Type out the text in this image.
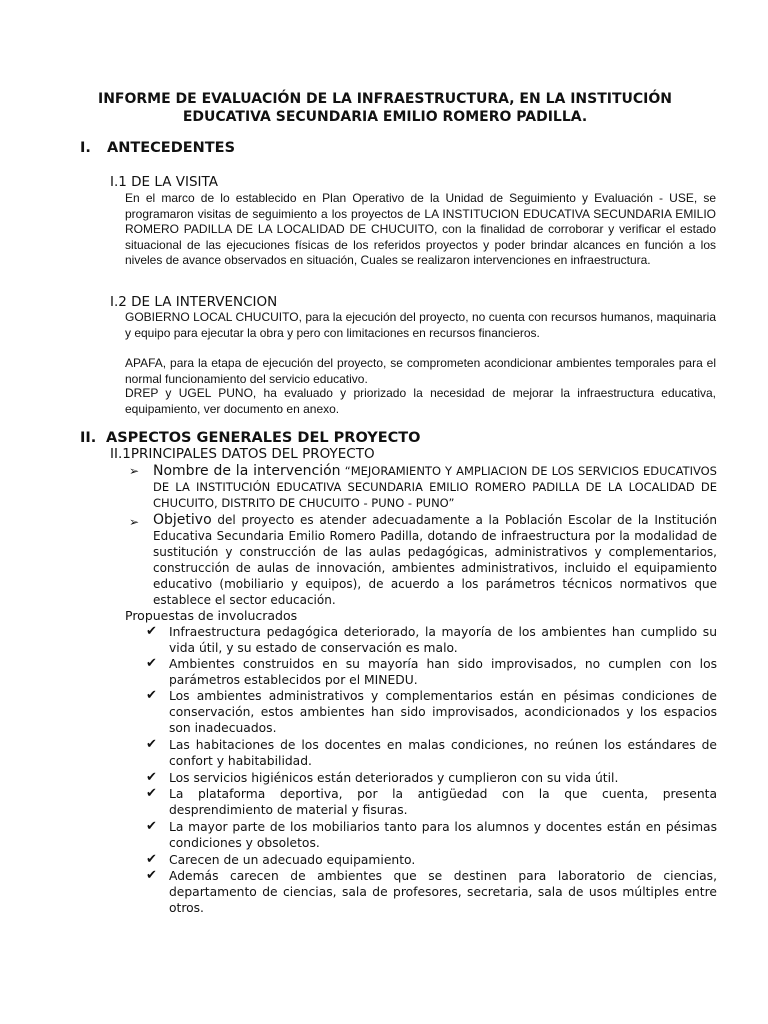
INFORME DE EVALUACIÓN DE LA INFRAESTRUCTURA, EN LA INSTITUCIÓN EDUCATIVA SECUNDARIA EMILIO ROMERO PADILLA.
I. ANTECEDENTES
I.1 DE LA VISITA
En el marco de lo establecido en Plan Operativo de la Unidad de Seguimiento y Evaluación - USE, se programaron visitas de seguimiento a los proyectos de LA INSTITUCION EDUCATIVA SECUNDARIA EMILIO ROMERO PADILLA DE LA LOCALIDAD DE CHUCUITO, con la finalidad de corroborar y verificar el estado situacional de las ejecuciones físicas de los referidos proyectos y poder brindar alcances en función a los niveles de avance observados en situación, Cuales se realizaron intervenciones en infraestructura.
I.2 DE LA INTERVENCION
GOBIERNO LOCAL CHUCUITO, para la ejecución del proyecto, no cuenta con recursos humanos, maquinaria y equipo para ejecutar la obra y pero con limitaciones en recursos financieros.
APAFA, para la etapa de ejecución del proyecto, se comprometen acondicionar ambientes temporales para el normal funcionamiento del servicio educativo.
DREP y UGEL PUNO, ha evaluado y priorizado la necesidad de mejorar la infraestructura educativa, equipamiento, ver documento en anexo.
II. ASPECTOS GENERALES DEL PROYECTO
II.1PRINCIPALES DATOS DEL PROYECTO
➢ Nombre de la intervención “MEJORAMIENTO Y AMPLIACION DE LOS SERVICIOS EDUCATIVOS DE LA INSTITUCIÓN EDUCATIVA SECUNDARIA EMILIO ROMERO PADILLA DE LA LOCALIDAD DE CHUCUITO, DISTRITO DE CHUCUITO - PUNO - PUNO”
➢ Objetivo del proyecto es atender adecuadamente a la Población Escolar de la Institución Educativa Secundaria Emilio Romero Padilla, dotando de infraestructura por la modalidad de sustitución y construcción de las aulas pedagógicas, administrativos y complementarios, construcción de aulas de innovación, ambientes administrativos, incluido el equipamiento educativo (mobiliario y equipos), de acuerdo a los parámetros técnicos normativos que establece el sector educación.
Propuestas de involucrados
✔ Infraestructura pedagógica deteriorado, la mayoría de los ambientes han cumplido su vida útil, y su estado de conservación es malo.
✔ Ambientes construidos en su mayoría han sido improvisados, no cumplen con los parámetros establecidos por el MINEDU.
✔ Los ambientes administrativos y complementarios están en pésimas condiciones de conservación, estos ambientes han sido improvisados, acondicionados y los espacios son inadecuados.
✔ Las habitaciones de los docentes en malas condiciones, no reúnen los estándares de confort y habitabilidad.
✔ Los servicios higiénicos están deteriorados y cumplieron con su vida útil.
✔ La plataforma deportiva, por la antigüedad con la que cuenta, presenta desprendimiento de material y fisuras.
✔ La mayor parte de los mobiliarios tanto para los alumnos y docentes están en pésimas condiciones y obsoletos.
✔ Carecen de un adecuado equipamiento.
✔ Además carecen de ambientes que se destinen para laboratorio de ciencias, departamento de ciencias, sala de profesores, secretaria, sala de usos múltiples entre otros.
